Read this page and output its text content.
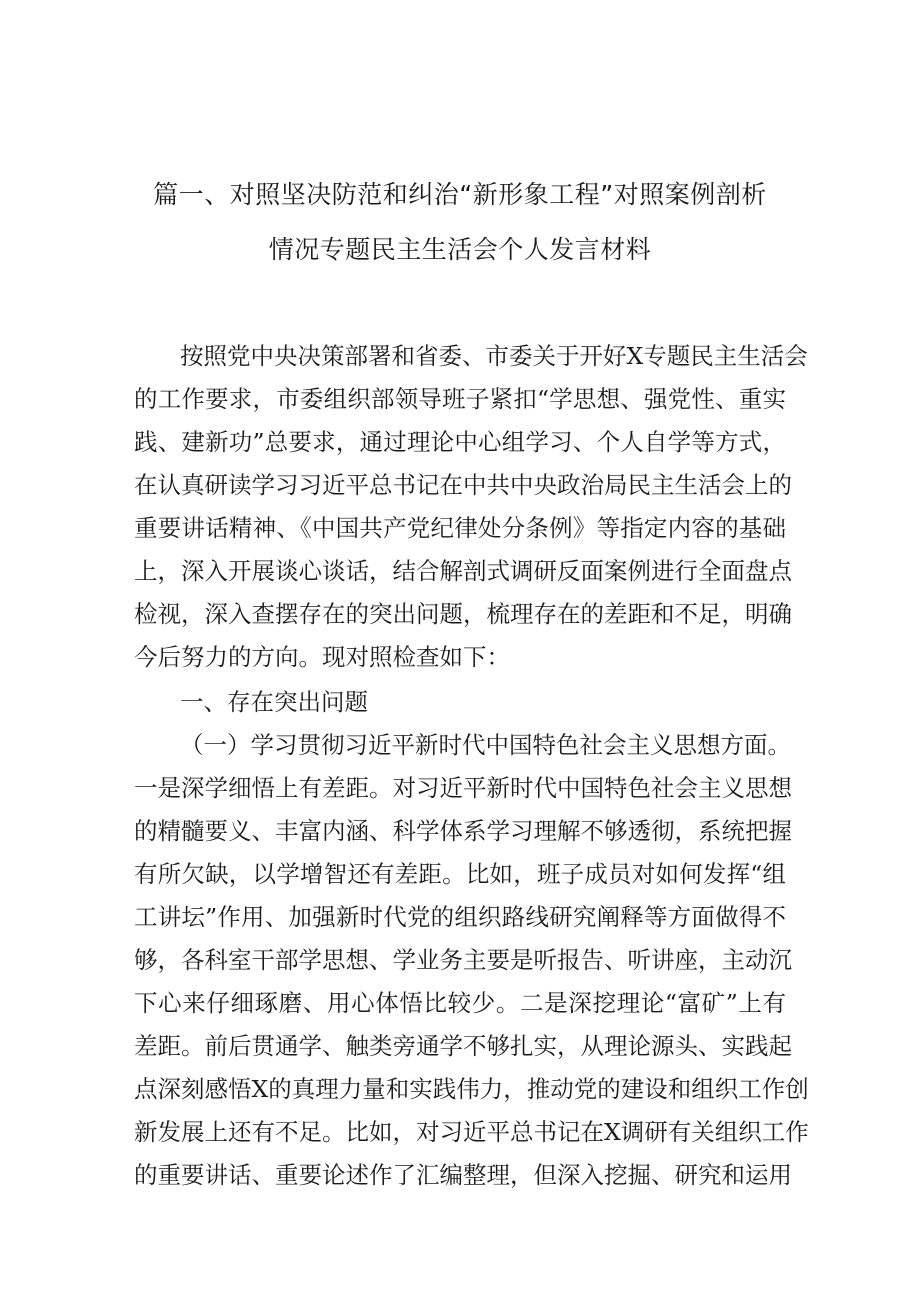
篇一、对照坚决防范和纠治“新形象工程”对照案例剖析
情况专题民主生活会个人发言材料
按照党中央决策部署和省委、市委关于开好X专题民主生活会
的工作要求，市委组织部领导班子紧扣“学思想、强党性、重实
践、建新功”总要求，通过理论中心组学习、个人自学等方式，
在认真研读学习习近平总书记在中共中央政治局民主生活会上的
重要讲话精神、《中国共产党纪律处分条例》等指定内容的基础
上，深入开展谈心谈话，结合解剖式调研反面案例进行全面盘点
检视，深入查摆存在的突出问题，梳理存在的差距和不足，明确
今后努力的方向。现对照检查如下：
一、存在突出问题
（一）学习贯彻习近平新时代中国特色社会主义思想方面。
一是深学细悟上有差距。对习近平新时代中国特色社会主义思想
的精髓要义、丰富内涵、科学体系学习理解不够透彻，系统把握
有所欠缺，以学增智还有差距。比如，班子成员对如何发挥“组
工讲坛”作用、加强新时代党的组织路线研究阐释等方面做得不
够，各科室干部学思想、学业务主要是听报告、听讲座，主动沉
下心来仔细琢磨、用心体悟比较少。二是深挖理论“富矿”上有
差距。前后贯通学、触类旁通学不够扎实，从理论源头、实践起
点深刻感悟X的真理力量和实践伟力，推动党的建设和组织工作创
新发展上还有不足。比如，对习近平总书记在X调研有关组织工作
的重要讲话、重要论述作了汇编整理，但深入挖掘、研究和运用
